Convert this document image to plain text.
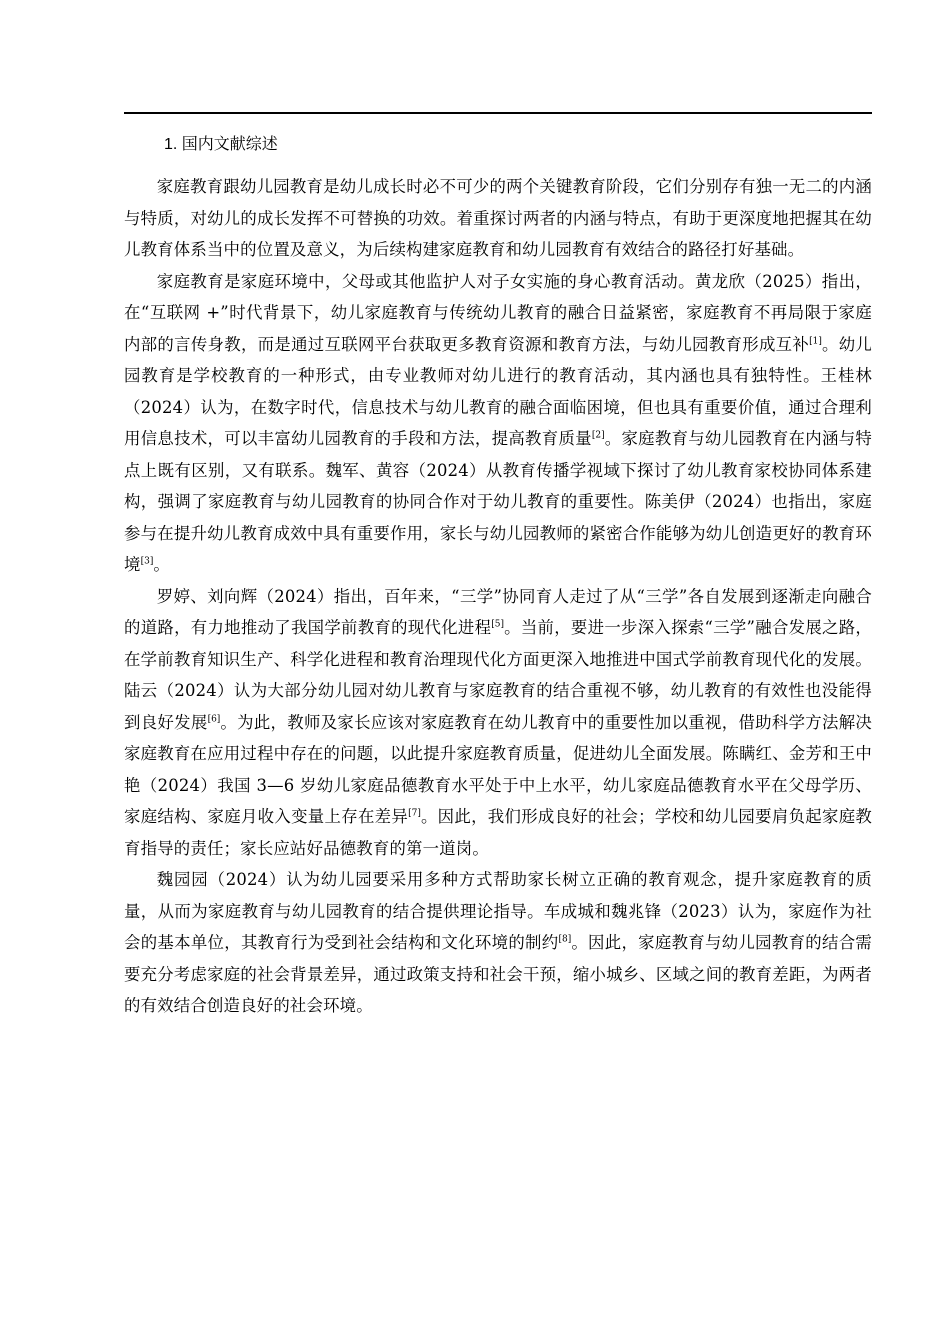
1. 国内文献综述

家庭教育跟幼儿园教育是幼儿成长时必不可少的两个关键教育阶段，它们分别存有独一无二的内涵与特质，对幼儿的成长发挥不可替换的功效。着重探讨两者的内涵与特点，有助于更深度地把握其在幼儿教育体系当中的位置及意义，为后续构建家庭教育和幼儿园教育有效结合的路径打好基础。

家庭教育是家庭环境中，父母或其他监护人对子女实施的身心教育活动。黄龙欣（2025）指出，在“互联网 +”时代背景下，幼儿家庭教育与传统幼儿教育的融合日益紧密，家庭教育不再局限于家庭内部的言传身教，而是通过互联网平台获取更多教育资源和教育方法，与幼儿园教育形成互补[1]。幼儿园教育是学校教育的一种形式，由专业教师对幼儿进行的教育活动，其内涵也具有独特性。王桂林（2024）认为，在数字时代，信息技术与幼儿教育的融合面临困境，但也具有重要价值，通过合理利用信息技术，可以丰富幼儿园教育的手段和方法，提高教育质量[2]。家庭教育与幼儿园教育在内涵与特点上既有区别，又有联系。魏军、黄容（2024）从教育传播学视域下探讨了幼儿教育家校协同体系建构，强调了家庭教育与幼儿园教育的协同合作对于幼儿教育的重要性。陈美伊（2024）也指出，家庭参与在提升幼儿教育成效中具有重要作用，家长与幼儿园教师的紧密合作能够为幼儿创造更好的教育环境[3]。

罗婷、刘向辉（2024）指出，百年来，“三学”协同育人走过了从“三学”各自发展到逐渐走向融合的道路，有力地推动了我国学前教育的现代化进程[5]。当前，要进一步深入探索“三学”融合发展之路，在学前教育知识生产、科学化进程和教育治理现代化方面更深入地推进中国式学前教育现代化的发展。陆云（2024）认为大部分幼儿园对幼儿教育与家庭教育的结合重视不够，幼儿教育的有效性也没能得到良好发展[6]。为此，教师及家长应该对家庭教育在幼儿教育中的重要性加以重视，借助科学方法解决家庭教育在应用过程中存在的问题，以此提升家庭教育质量，促进幼儿全面发展。陈瞒红、金芳和王中艳（2024）我国 3—6 岁幼儿家庭品德教育水平处于中上水平，幼儿家庭品德教育水平在父母学历、家庭结构、家庭月收入变量上存在差异[7]。因此，我们形成良好的社会；学校和幼儿园要肩负起家庭教育指导的责任；家长应站好品德教育的第一道岗。

魏园园（2024）认为幼儿园要采用多种方式帮助家长树立正确的教育观念，提升家庭教育的质量，从而为家庭教育与幼儿园教育的结合提供理论指导。车成城和魏兆锋（2023）认为，家庭作为社会的基本单位，其教育行为受到社会结构和文化环境的制约[8]。因此，家庭教育与幼儿园教育的结合需要充分考虑家庭的社会背景差异，通过政策支持和社会干预，缩小城乡、区域之间的教育差距，为两者的有效结合创造良好的社会环境。
